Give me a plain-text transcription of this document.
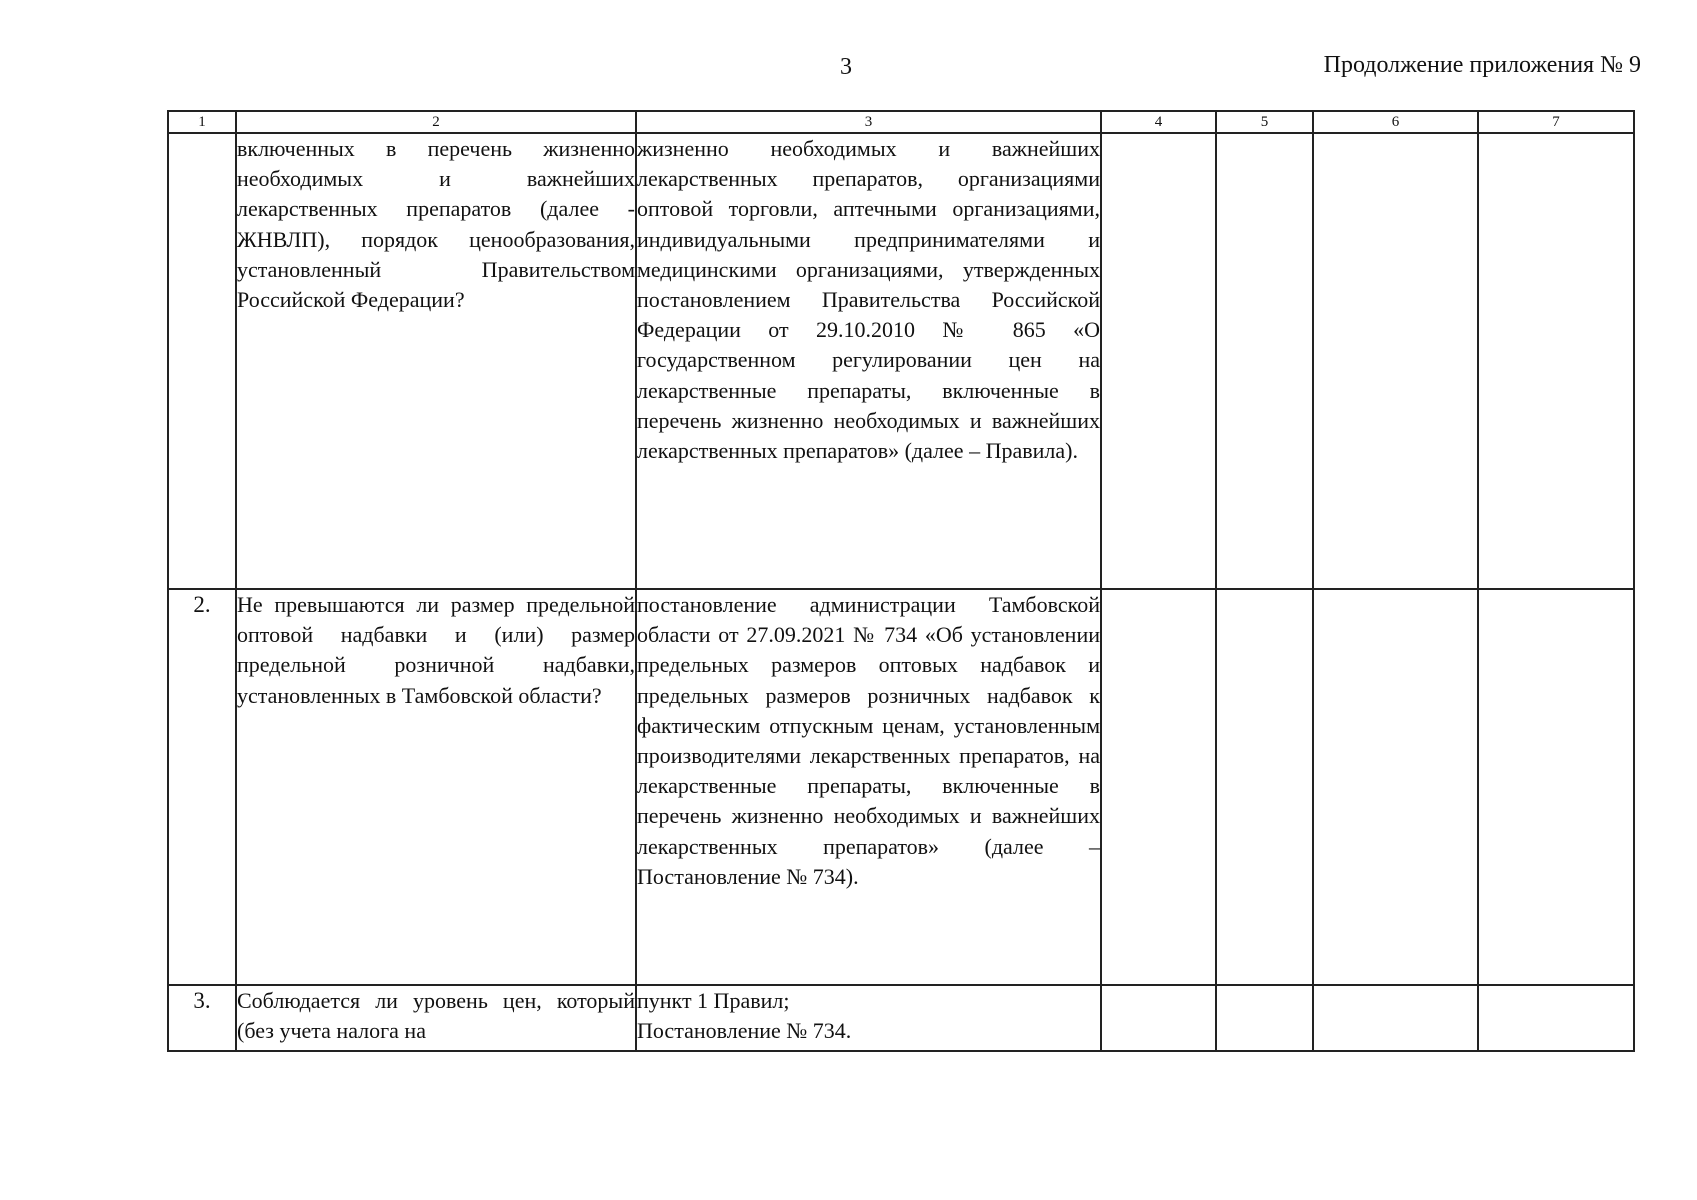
3	Продолжение приложения № 9
1	2	3	4	5	6	7
	включенных в перечень жизненно необходимых и важнейших лекарственных препаратов (далее - ЖНВЛП), порядок ценообразования, установленный Правительством Российской Федерации?	жизненно необходимых и важнейших лекарственных препаратов, организациями оптовой торговли, аптечными организациями, индивидуальными предпринимателями и медицинскими организациями, утвержденных постановлением Правительства Российской Федерации от 29.10.2010 № 865 «О государственном регулировании цен на лекарственные препараты, включенные в перечень жизненно необходимых и важнейших лекарственных препаратов» (далее – Правила).				
2.	Не превышаются ли размер предельной оптовой надбавки и (или) размер предельной розничной надбавки, установленных в Тамбовской области?	постановление администрации Тамбовской области от 27.09.2021 № 734 «Об установлении предельных размеров оптовых надбавок и предельных размеров розничных надбавок к фактическим отпускным ценам, установленным производителями лекарственных препаратов, на лекарственные препараты, включенные в перечень жизненно необходимых и важнейших лекарственных препаратов» (далее – Постановление № 734).				
3.	Соблюдается ли уровень цен, который (без учета налога на	пункт 1 Правил;
Постановление № 734.				
